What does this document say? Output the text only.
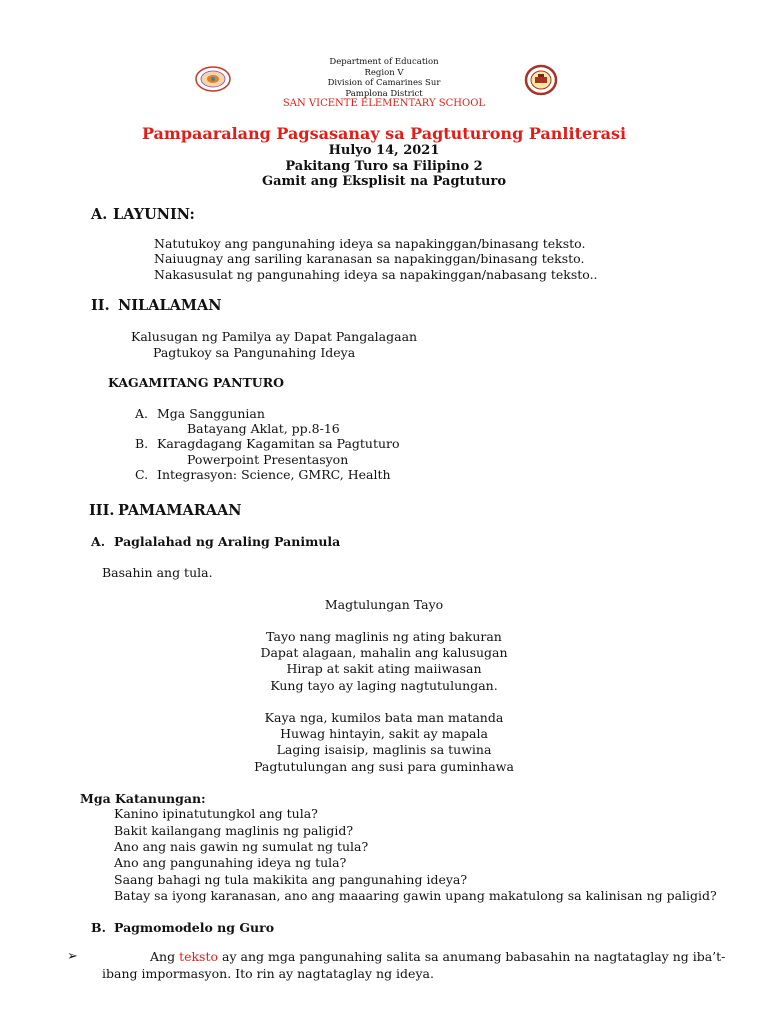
Department of Education
Region V
Division of Camarines Sur
Pamplona District
SAN VICENTE ELEMENTARY SCHOOL
Pampaaralang Pagsasanay sa Pagtuturong Panliterasi
Hulyo 14, 2021
Pakitang Turo sa Filipino 2
Gamit ang Eksplisit na Pagtuturo
A. LAYUNIN:
Natutukoy ang pangunahing ideya sa napakinggan/binasang teksto.
Naiuugnay ang sariling karanasan sa napakinggan/binasang teksto.
Nakasusulat ng pangunahing ideya sa napakinggan/nabasang teksto..
II. NILALAMAN
Kalusugan ng Pamilya ay Dapat Pangalagaan
Pagtukoy sa Pangunahing Ideya
KAGAMITANG PANTURO
A. Mga Sanggunian
Batayang Aklat, pp.8-16
B. Karagdagang Kagamitan sa Pagtuturo
Powerpoint Presentasyon
C. Integrasyon: Science, GMRC, Health
III. PAMAMARAAN
A. Paglalahad ng Araling Panimula
Basahin ang tula.
Magtulungan Tayo
Tayo nang maglinis ng ating bakuran
Dapat alagaan, mahalin ang kalusugan
Hirap at sakit ating maiiwasan
Kung tayo ay laging nagtutulungan.
Kaya nga, kumilos bata man matanda
Huwag hintayin, sakit ay mapala
Laging isaisip, maglinis sa tuwina
Pagtutulungan ang susi para guminhawa
Mga Katanungan:
Kanino ipinatutungkol ang tula?
Bakit kailangang maglinis ng paligid?
Ano ang nais gawin ng sumulat ng tula?
Ano ang pangunahing ideya ng tula?
Saang bahagi ng tula makikita ang pangunahing ideya?
Batay sa iyong karanasan, ano ang maaaring gawin upang makatulong sa kalinisan ng paligid?
B. Pagmomodelo ng Guro
➢	Ang teksto ay ang mga pangunahing salita sa anumang babasahin na nagtataglay ng iba’t-
ibang impormasyon. Ito rin ay nagtataglay ng ideya.
